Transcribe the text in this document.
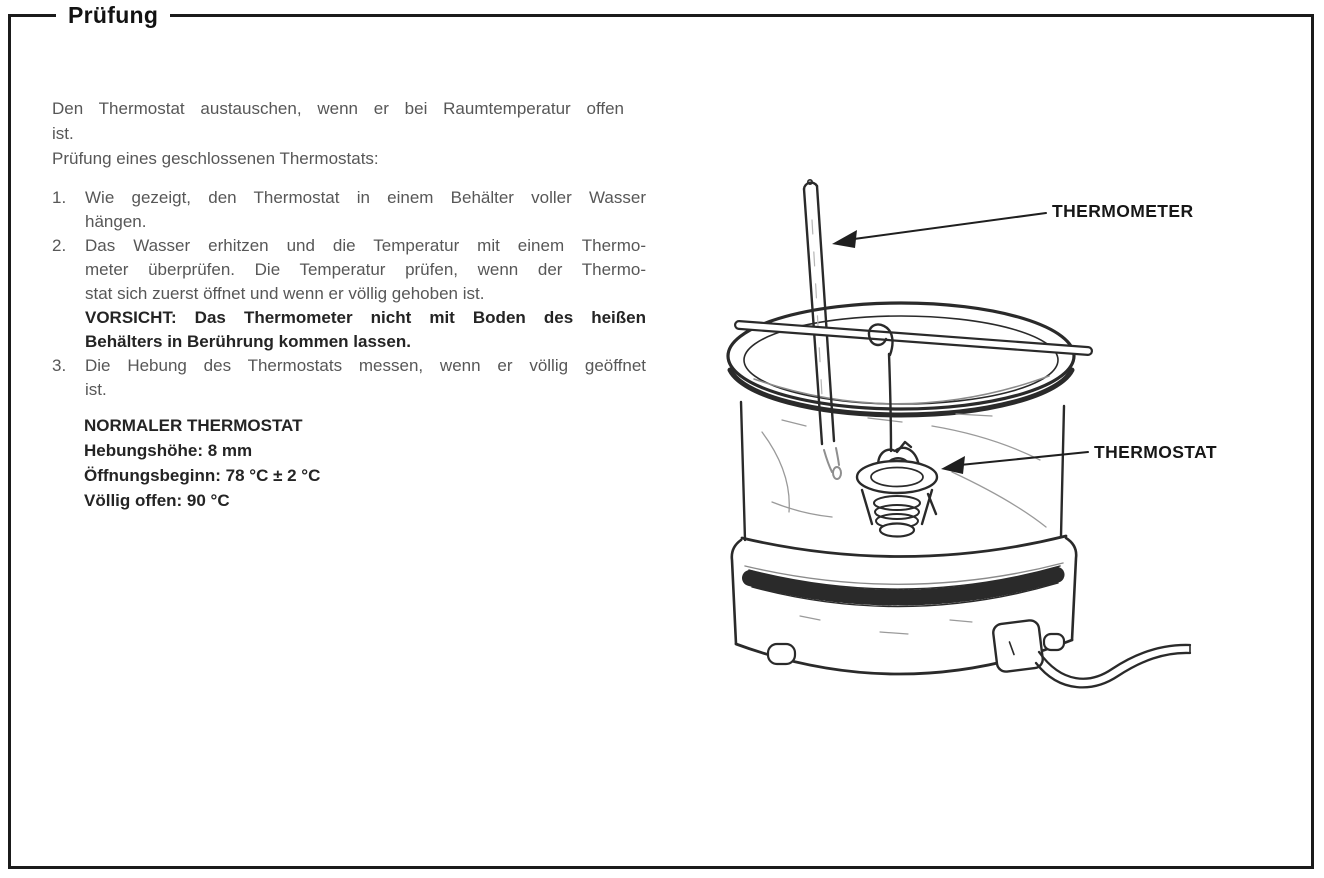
Prüfung
Den Thermostat austauschen, wenn er bei Raumtemperatur offen
ist.
Prüfung eines geschlossenen Thermostats:
1. Wie gezeigt, den Thermostat in einem Behälter voller Wasser
hängen.
2. Das Wasser erhitzen und die Temperatur mit einem Thermo-
meter überprüfen. Die Temperatur prüfen, wenn der Thermo-
stat sich zuerst öffnet und wenn er völlig gehoben ist.
VORSICHT: Das Thermometer nicht mit Boden des heißen
Behälters in Berührung kommen lassen.
3. Die Hebung des Thermostats messen, wenn er völlig geöffnet
ist.
NORMALER THERMOSTAT
Hebungshöhe: 8 mm
Öffnungsbeginn: 78 °C ± 2 °C
Völlig offen: 90 °C
THERMOMETER
THERMOSTAT
